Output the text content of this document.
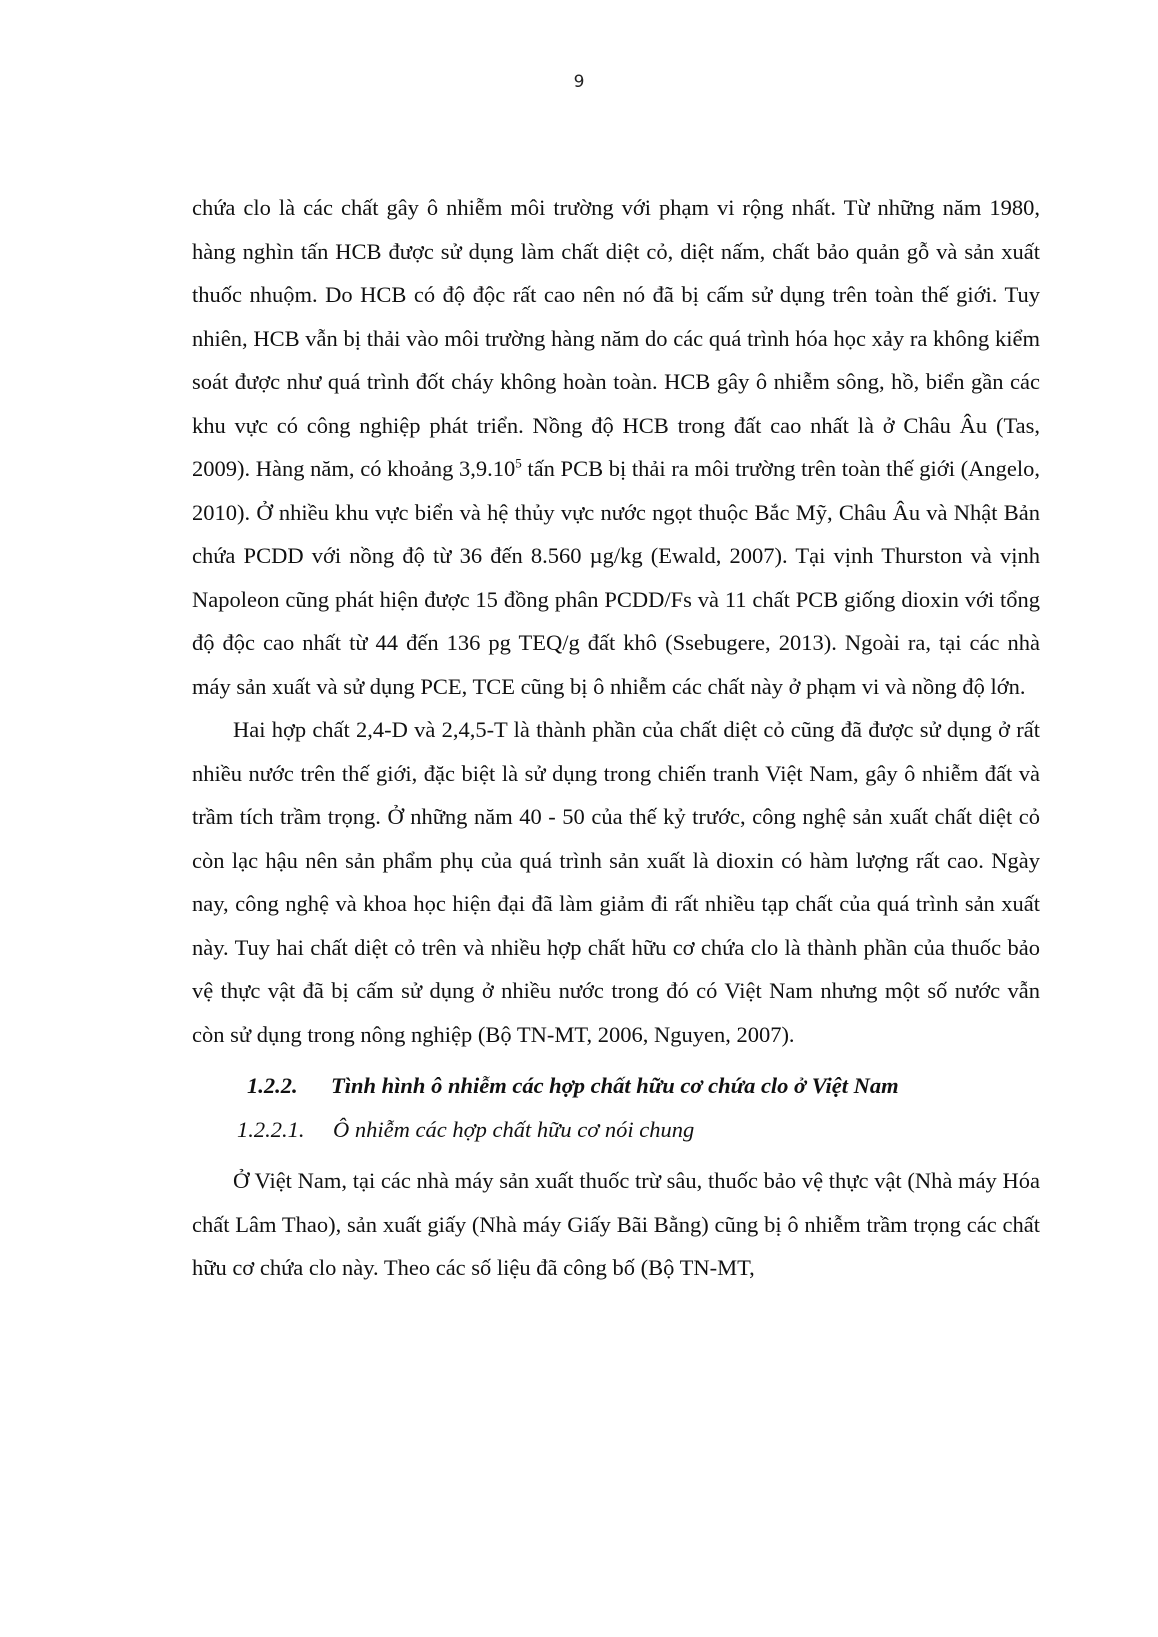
9

chứa clo là các chất gây ô nhiễm môi trường với phạm vi rộng nhất. Từ những năm 1980, hàng nghìn tấn HCB được sử dụng làm chất diệt cỏ, diệt nấm, chất bảo quản gỗ và sản xuất thuốc nhuộm. Do HCB có độ độc rất cao nên nó đã bị cấm sử dụng trên toàn thế giới. Tuy nhiên, HCB vẫn bị thải vào môi trường hàng năm do các quá trình hóa học xảy ra không kiểm soát được như quá trình đốt cháy không hoàn toàn. HCB gây ô nhiễm sông, hồ, biển gần các khu vực có công nghiệp phát triển. Nồng độ HCB trong đất cao nhất là ở Châu Âu (Tas, 2009). Hàng năm, có khoảng 3,9.10$^5$ tấn PCB bị thải ra môi trường trên toàn thế giới (Angelo, 2010). Ở nhiều khu vực biển và hệ thủy vực nước ngọt thuộc Bắc Mỹ, Châu Âu và Nhật Bản chứa PCDD với nồng độ từ 36 đến 8.560 µg/kg (Ewald, 2007). Tại vịnh Thurston và vịnh Napoleon cũng phát hiện được 15 đồng phân PCDD/Fs và 11 chất PCB giống dioxin với tổng độ độc cao nhất từ 44 đến 136 pg TEQ/g đất khô (Ssebugere, 2013). Ngoài ra, tại các nhà máy sản xuất và sử dụng PCE, TCE cũng bị ô nhiễm các chất này ở phạm vi và nồng độ lớn.

Hai hợp chất 2,4-D và 2,4,5-T là thành phần của chất diệt cỏ cũng đã được sử dụng ở rất nhiều nước trên thế giới, đặc biệt là sử dụng trong chiến tranh Việt Nam, gây ô nhiễm đất và trầm tích trầm trọng. Ở những năm 40 - 50 của thế kỷ trước, công nghệ sản xuất chất diệt cỏ còn lạc hậu nên sản phẩm phụ của quá trình sản xuất là dioxin có hàm lượng rất cao. Ngày nay, công nghệ và khoa học hiện đại đã làm giảm đi rất nhiều tạp chất của quá trình sản xuất này. Tuy hai chất diệt cỏ trên và nhiều hợp chất hữu cơ chứa clo là thành phần của thuốc bảo vệ thực vật đã bị cấm sử dụng ở nhiều nước trong đó có Việt Nam nhưng một số nước vẫn còn sử dụng trong nông nghiệp (Bộ TN-MT, 2006, Nguyen, 2007).

1.2.2. Tình hình ô nhiễm các hợp chất hữu cơ chứa clo ở Việt Nam
1.2.2.1. Ô nhiễm các hợp chất hữu cơ nói chung

Ở Việt Nam, tại các nhà máy sản xuất thuốc trừ sâu, thuốc bảo vệ thực vật (Nhà máy Hóa chất Lâm Thao), sản xuất giấy (Nhà máy Giấy Bãi Bằng) cũng bị ô nhiễm trầm trọng các chất hữu cơ chứa clo này. Theo các số liệu đã công bố (Bộ TN-MT,
